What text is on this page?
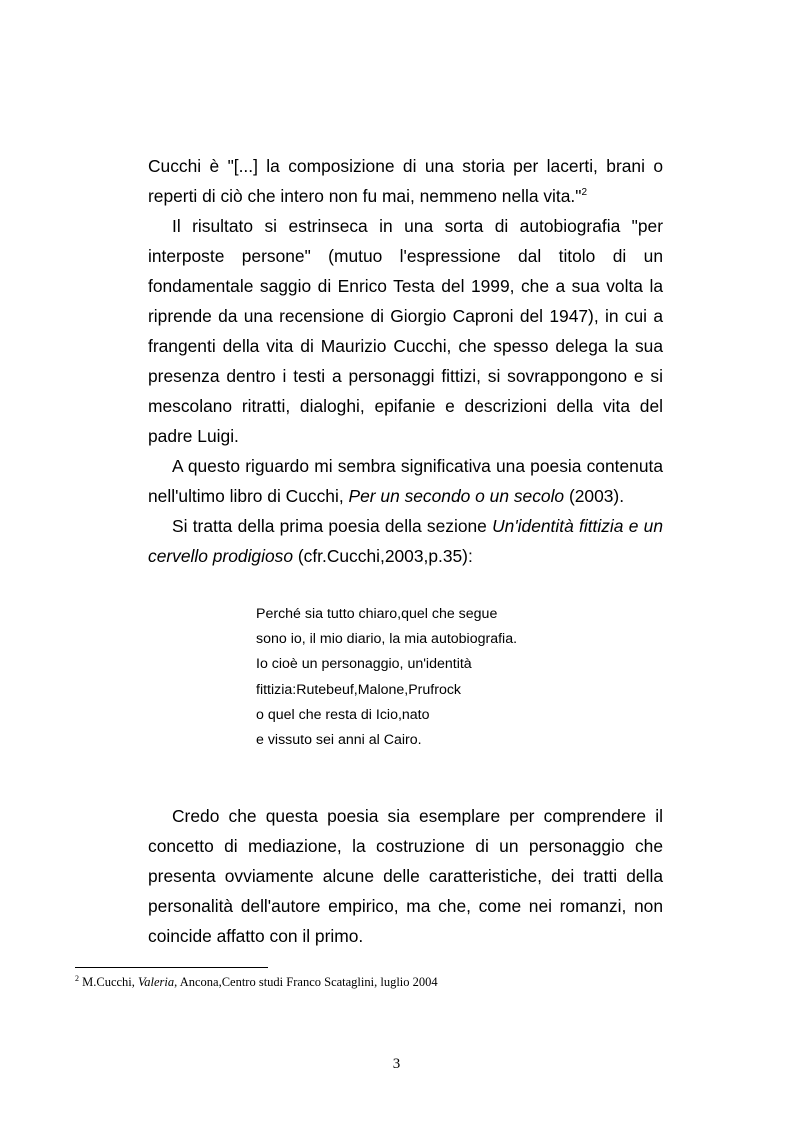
Cucchi è "[...] la composizione di una storia per lacerti, brani o
reperti di ciò che intero non fu mai, nemmeno nella vita."$^2$

Il risultato si estrinseca in una sorta di autobiografia "per
interposte persone" (mutuo l'espressione dal titolo di un
fondamentale saggio di Enrico Testa del 1999, che a sua volta la
riprende da una recensione di Giorgio Caproni del 1947), in cui a
frangenti della vita di Maurizio Cucchi, che spesso delega la sua
presenza dentro i testi a personaggi fittizi, si sovrappongono e si
mescolano ritratti, dialoghi, epifanie e descrizioni della vita del
padre Luigi.

A questo riguardo mi sembra significativa una poesia contenuta
nell'ultimo libro di Cucchi, Per un secondo o un secolo (2003).

Si tratta della prima poesia della sezione Un'identità fittizia e un
cervello prodigioso (cfr.Cucchi,2003,p.35):

Perché sia tutto chiaro,quel che segue
sono io, il mio diario, la mia autobiografia.
Io cioè un personaggio, un'identità
fittizia:Rutebeuf,Malone,Prufrock
o quel che resta di Icio,nato
e vissuto sei anni al Cairo.

Credo che questa poesia sia esemplare per comprendere il
concetto di mediazione, la costruzione di un personaggio che
presenta ovviamente alcune delle caratteristiche, dei tratti della
personalità dell'autore empirico, ma che, come nei romanzi, non
coincide affatto con il primo.

$^2$ M.Cucchi, Valeria, Ancona,Centro studi Franco Scataglini, luglio 2004
3
